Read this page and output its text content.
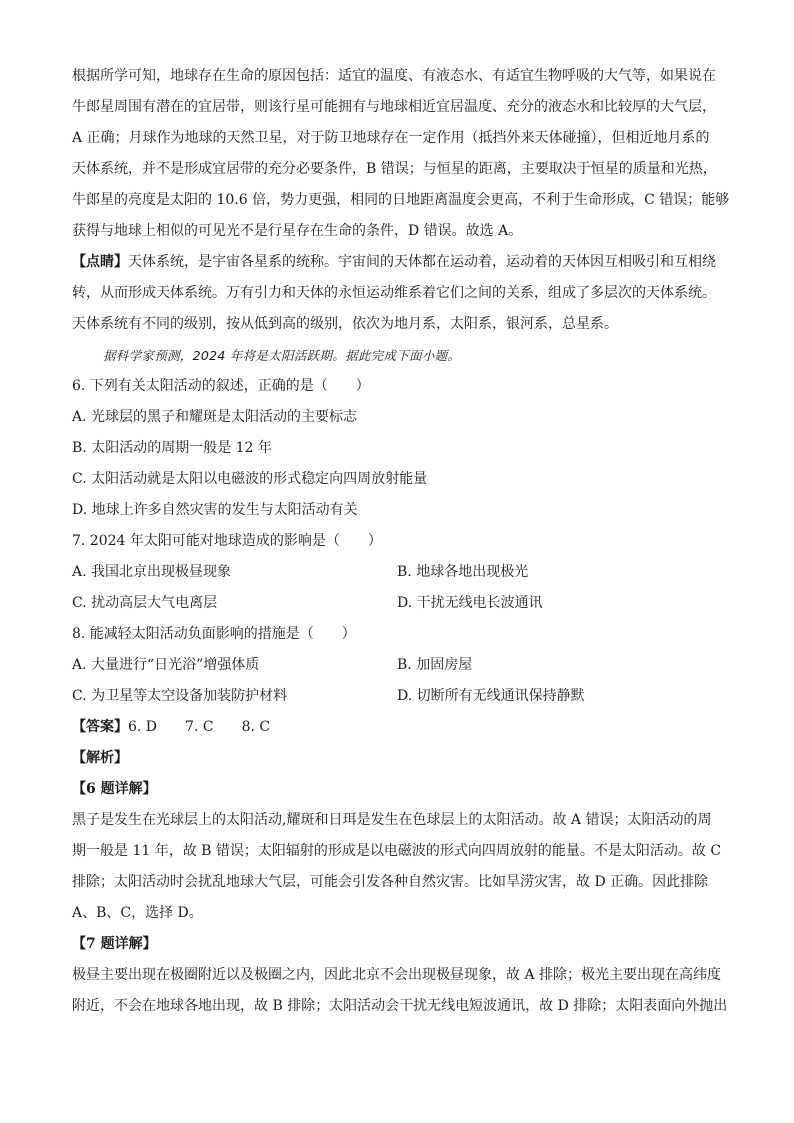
根据所学可知，地球存在生命的原因包括：适宜的温度、有液态水、有适宜生物呼吸的大气等，如果说在
牛郎星周围有潜在的宜居带，则该行星可能拥有与地球相近宜居温度、充分的液态水和比较厚的大气层，
A 正确；月球作为地球的天然卫星，对于防卫地球存在一定作用（抵挡外来天体碰撞），但相近地月系的
天体系统，并不是形成宜居带的充分必要条件，B 错误；与恒星的距离，主要取决于恒星的质量和光热，
牛郎星的亮度是太阳的 10.6 倍，势力更强，相同的日地距离温度会更高，不利于生命形成，C 错误；能够
获得与地球上相似的可见光不是行星存在生命的条件，D 错误。故选 A。
【点睛】天体系统，是宇宙各星系的统称。宇宙间的天体都在运动着，运动着的天体因互相吸引和互相绕
转，从而形成天体系统。万有引力和天体的永恒运动维系着它们之间的关系，组成了多层次的天体系统。
天体系统有不同的级别，按从低到高的级别，依次为地月系，太阳系，银河系，总星系。
据科学家预测，2024 年将是太阳活跃期。据此完成下面小题。
6. 下列有关太阳活动的叙述，正确的是（　　）
A. 光球层的黑子和耀斑是太阳活动的主要标志
B. 太阳活动的周期一般是 12 年
C. 太阳活动就是太阳以电磁波的形式稳定向四周放射能量
D. 地球上许多自然灾害的发生与太阳活动有关
7. 2024 年太阳可能对地球造成的影响是（　　）
A. 我国北京出现极昼现象	B. 地球各地出现极光
C. 扰动高层大气电离层	D. 干扰无线电长波通讯
8. 能减轻太阳活动负面影响的措施是（　　）
A. 大量进行“日光浴”增强体质	B. 加固房屋
C. 为卫星等太空设备加装防护材料	D. 切断所有无线通讯保持静默
【答案】6. D 7. C 8. C
【解析】
【6 题详解】
黑子是发生在光球层上的太阳活动,耀斑和日珥是发生在色球层上的太阳活动。故 A 错误；太阳活动的周
期一般是 11 年，故 B 错误；太阳辐射的形成是以电磁波的形式向四周放射的能量。不是太阳活动。故 C
排除；太阳活动时会扰乱地球大气层，可能会引发各种自然灾害。比如旱涝灾害，故 D 正确。因此排除
A、B、C，选择 D。
【7 题详解】
极昼主要出现在极圈附近以及极圈之内，因此北京不会出现极昼现象，故 A 排除；极光主要出现在高纬度
附近，不会在地球各地出现，故 B 排除；太阳活动会干扰无线电短波通讯，故 D 排除；太阳表面向外抛出
